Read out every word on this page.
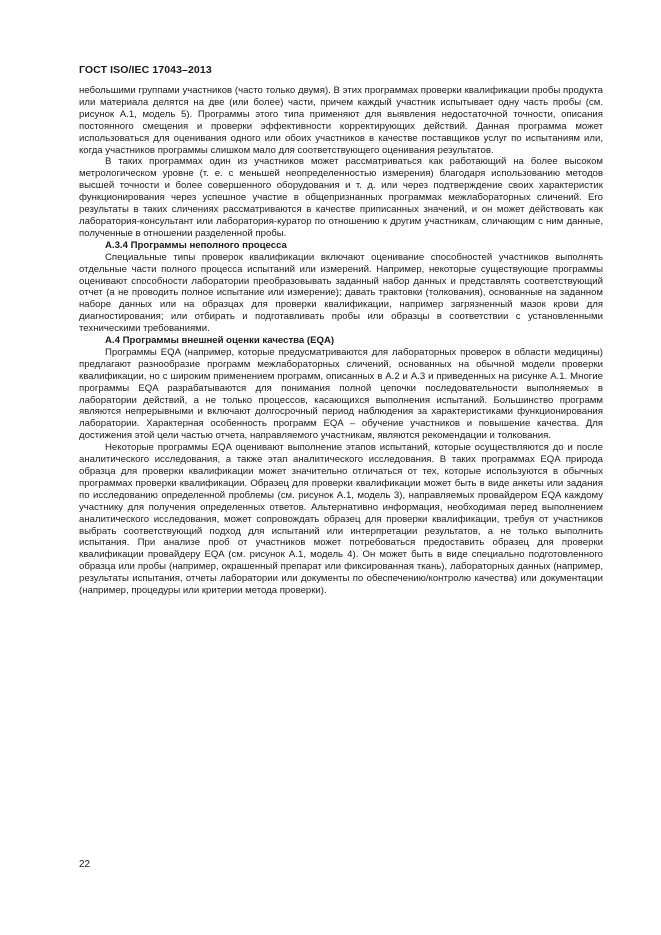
ГОСТ ISO/IEC 17043–2013

небольшими группами участников (часто только двумя). В этих программах проверки квалификации пробы продукта или материала делятся на две (или более) части, причем каждый участник испытывает одну часть пробы (см. рисунок А.1, модель 5). Программы этого типа применяют для выявления недостаточной точности, описания постоянного смещения и проверки эффективности корректирующих действий. Данная программа может использоваться для оценивания одного или обоих участников в качестве поставщиков услуг по испытаниям или, когда участников программы слишком мало для соответствующего оценивания результатов.

В таких программах один из участников может рассматриваться как работающий на более высоком метрологическом уровне (т. е. с меньшей неопределенностью измерения) благодаря использованию методов высшей точности и более совершенного оборудования и т. д. или через подтверждение своих характеристик функционирования через успешное участие в общепризнанных программах межлабораторных сличений. Его результаты в таких сличениях рассматриваются в качестве приписанных значений, и он может действовать как лаборатория-консультант или лаборатория-куратор по отношению к другим участникам, сличающим с ним данные, полученные в отношении разделенной пробы.

А.3.4 Программы неполного процесса

Специальные типы проверок квалификации включают оценивание способностей участников выполнять отдельные части полного процесса испытаний или измерений. Например, некоторые существующие программы оценивают способности лаборатории преобразовывать заданный набор данных и представлять соответствующий отчет (а не проводить полное испытание или измерение); давать трактовки (толкования), основанные на заданном наборе данных или на образцах для проверки квалификации, например загрязненный мазок крови для диагностирования; или отбирать и подготавливать пробы или образцы в соответствии с установленными техническими требованиями.

А.4 Программы внешней оценки качества (EQA)

Программы EQA (например, которые предусматриваются для лабораторных проверок в области медицины) предлагают разнообразие программ межлабораторных сличений, основанных на обычной модели проверки квалификации, но с широким применением программ, описанных в А.2 и А.3 и приведенных на рисунке А.1. Многие программы EQA разрабатываются для понимания полной цепочки последовательности выполняемых в лаборатории действий, а не только процессов, касающихся выполнения испытаний. Большинство программ являются непрерывными и включают долгосрочный период наблюдения за характеристиками функционирования лаборатории. Характерная особенность программ EQA – обучение участников и повышение качества. Для достижения этой цели частью отчета, направляемого участникам, являются рекомендации и толкования.

Некоторые программы EQA оценивают выполнение этапов испытаний, которые осуществляются до и после аналитического исследования, а также этап аналитического исследования. В таких программах EQA природа образца для проверки квалификации может значительно отличаться от тех, которые используются в обычных программах проверки квалификации. Образец для проверки квалификации может быть в виде анкеты или задания по исследованию определенной проблемы (см. рисунок А.1, модель 3), направляемых провайдером EQA каждому участнику для получения определенных ответов. Альтернативно информация, необходимая перед выполнением аналитического исследования, может сопровождать образец для проверки квалификации, требуя от участников выбрать соответствующий подход для испытаний или интерпретации результатов, а не только выполнить испытания. При анализе проб от участников может потребоваться предоставить образец для проверки квалификации провайдеру EQA (см. рисунок А.1, модель 4). Он может быть в виде специально подготовленного образца или пробы (например, окрашенный препарат или фиксированная ткань), лабораторных данных (например, результаты испытания, отчеты лаборатории или документы по обеспечению/контролю качества) или документации (например, процедуры или критерии метода проверки).

22
